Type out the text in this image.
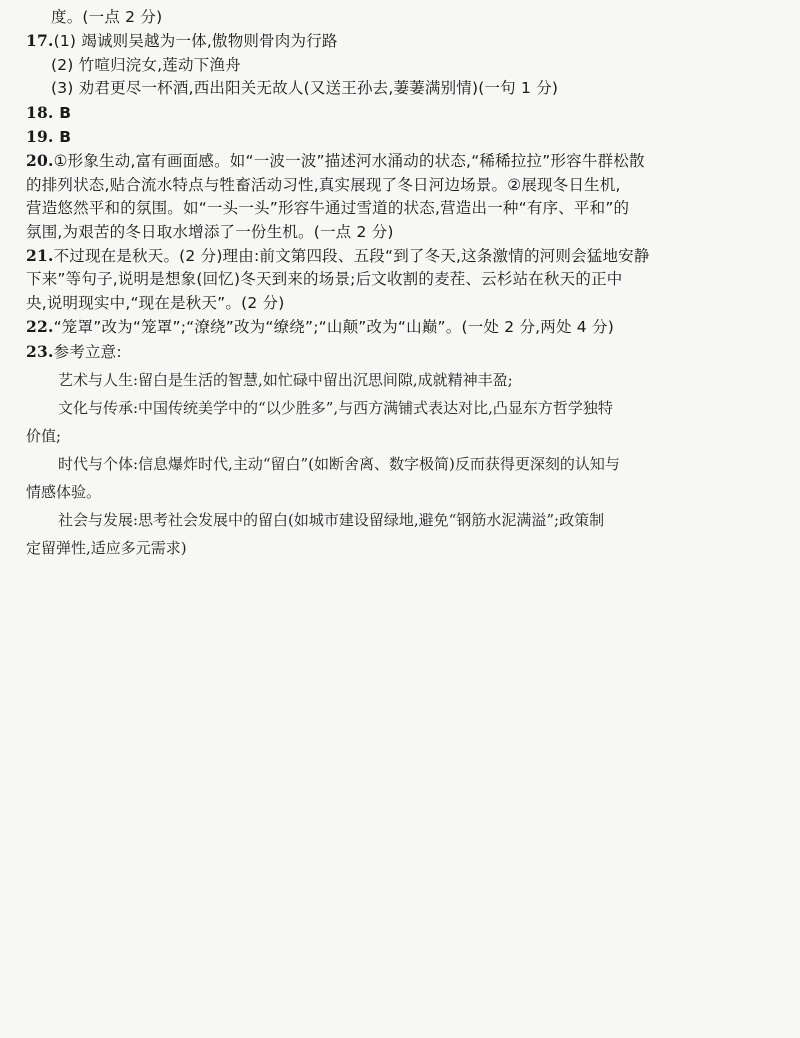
度。(一点 2 分)
17.(1) 竭诚则吴越为一体,傲物则骨肉为行路
(2) 竹喧归浣女,莲动下渔舟
(3) 劝君更尽一杯酒,西出阳关无故人(又送王孙去,萋萋满别情)(一句 1 分)
18. B
19. B
20.①形象生动,富有画面感。如“一波一波”描述河水涌动的状态,“稀稀拉拉”形容牛群松散
的排列状态,贴合流水特点与牲畜活动习性,真实展现了冬日河边场景。②展现冬日生机,
营造悠然平和的氛围。如“一头一头”形容牛通过雪道的状态,营造出一种“有序、平和”的
氛围,为艰苦的冬日取水增添了一份生机。(一点 2 分)
21.不过现在是秋天。(2 分)理由:前文第四段、五段“到了冬天,这条激情的河则会猛地安静
下来”等句子,说明是想象(回忆)冬天到来的场景;后文收割的麦茬、云杉站在秋天的正中
央,说明现实中,“现在是秋天”。(2 分)
22.“笼罩”改为“笼罩”;“潦绕”改为“缭绕”;“山颠”改为“山巅”。(一处 2 分,两处 4 分)
23.参考立意:
艺术与人生:留白是生活的智慧,如忙碌中留出沉思间隙,成就精神丰盈;
文化与传承:中国传统美学中的“以少胜多”,与西方满铺式表达对比,凸显东方哲学独特
价值;
时代与个体:信息爆炸时代,主动“留白”(如断舍离、数字极简)反而获得更深刻的认知与
情感体验。
社会与发展:思考社会发展中的留白(如城市建设留绿地,避免“钢筋水泥满溢”;政策制
定留弹性,适应多元需求)
